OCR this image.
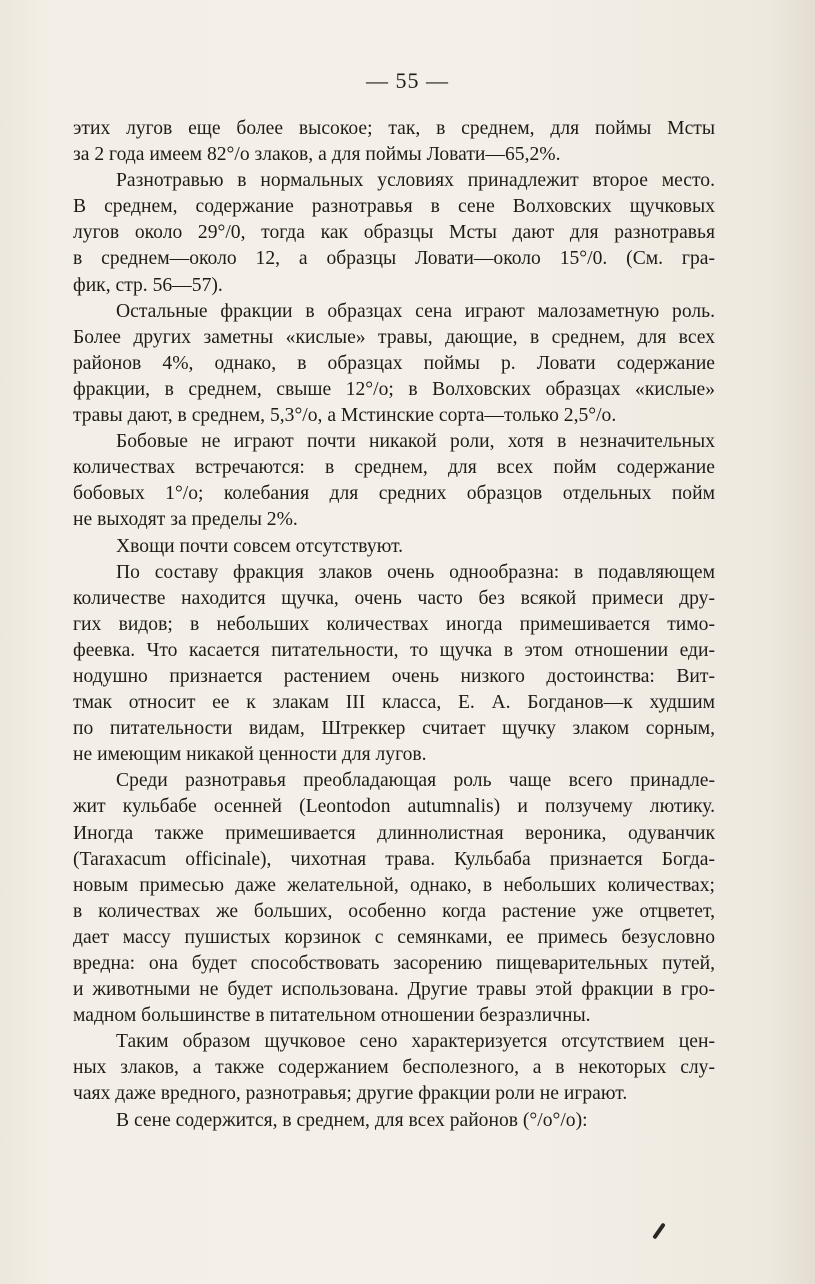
— 55 —

этих лугов еще более высокое; так, в среднем, для поймы Мсты

за 2 года имеем 82°/о злаков, а для поймы Ловати—65,2%.

Разнотравью в нормальных условиях принадлежит второе место.

В среднем, содержание разнотравья в сене Волховских щучковых

лугов около 29°/0, тогда как образцы Мсты дают для разнотравья

в среднем—около 12, а образцы Ловати—около 15°/0. (См. гра-

фик, стр. 56—57).

Остальные фракции в образцах сена играют малозаметную роль.

Более других заметны «кислые» травы, дающие, в среднем, для всех

районов 4%, однако, в образцах поймы р. Ловати содержание

фракции, в среднем, свыше 12°/о; в Волховских образцах «кислые»

травы дают, в среднем, 5,3°/о, а Мстинские сорта—только 2,5°/о.

Бобовые не играют почти никакой роли, хотя в незначительных

количествах встречаются: в среднем, для всех пойм содержание

бобовых 1°/о; колебания для средних образцов отдельных пойм

не выходят за пределы 2%.

Хвощи почти совсем отсутствуют.

По составу фракция злаков очень однообразна: в подавляющем

количестве находится щучка, очень часто без всякой примеси дру-

гих видов; в небольших количествах иногда примешивается тимо-

феевка. Что касается питательности, то щучка в этом отношении еди-

нодушно признается растением очень низкого достоинства: Вит-

тмак относит ее к злакам III класса, Е. А. Богданов—к худшим

по питательности видам, Штреккер считает щучку злаком сорным,

не имеющим никакой ценности для лугов.

Среди разнотравья преобладающая роль чаще всего принадле-

жит кульбабе осенней (Leontodon autumnalis) и ползучему лютику.

Иногда также примешивается длиннолистная вероника, одуванчик

(Taraxacum officinale), чихотная трава. Кульбаба признается Богда-

новым примесью даже желательной, однако, в небольших количествах;

в количествах же больших, особенно когда растение уже отцветет,

дает массу пушистых корзинок с семянками, ее примесь безусловно

вредна: она будет способствовать засорению пищеварительных путей,

и животными не будет использована. Другие травы этой фракции в гро-

мадном большинстве в питательном отношении безразличны.

Таким образом щучковое сено характеризуется отсутствием цен-

ных злаков, а также содержанием бесполезного, а в некоторых слу-

чаях даже вредного, разнотравья; другие фракции роли не играют.

В сене содержится, в среднем, для всех районов (°/о°/о):
